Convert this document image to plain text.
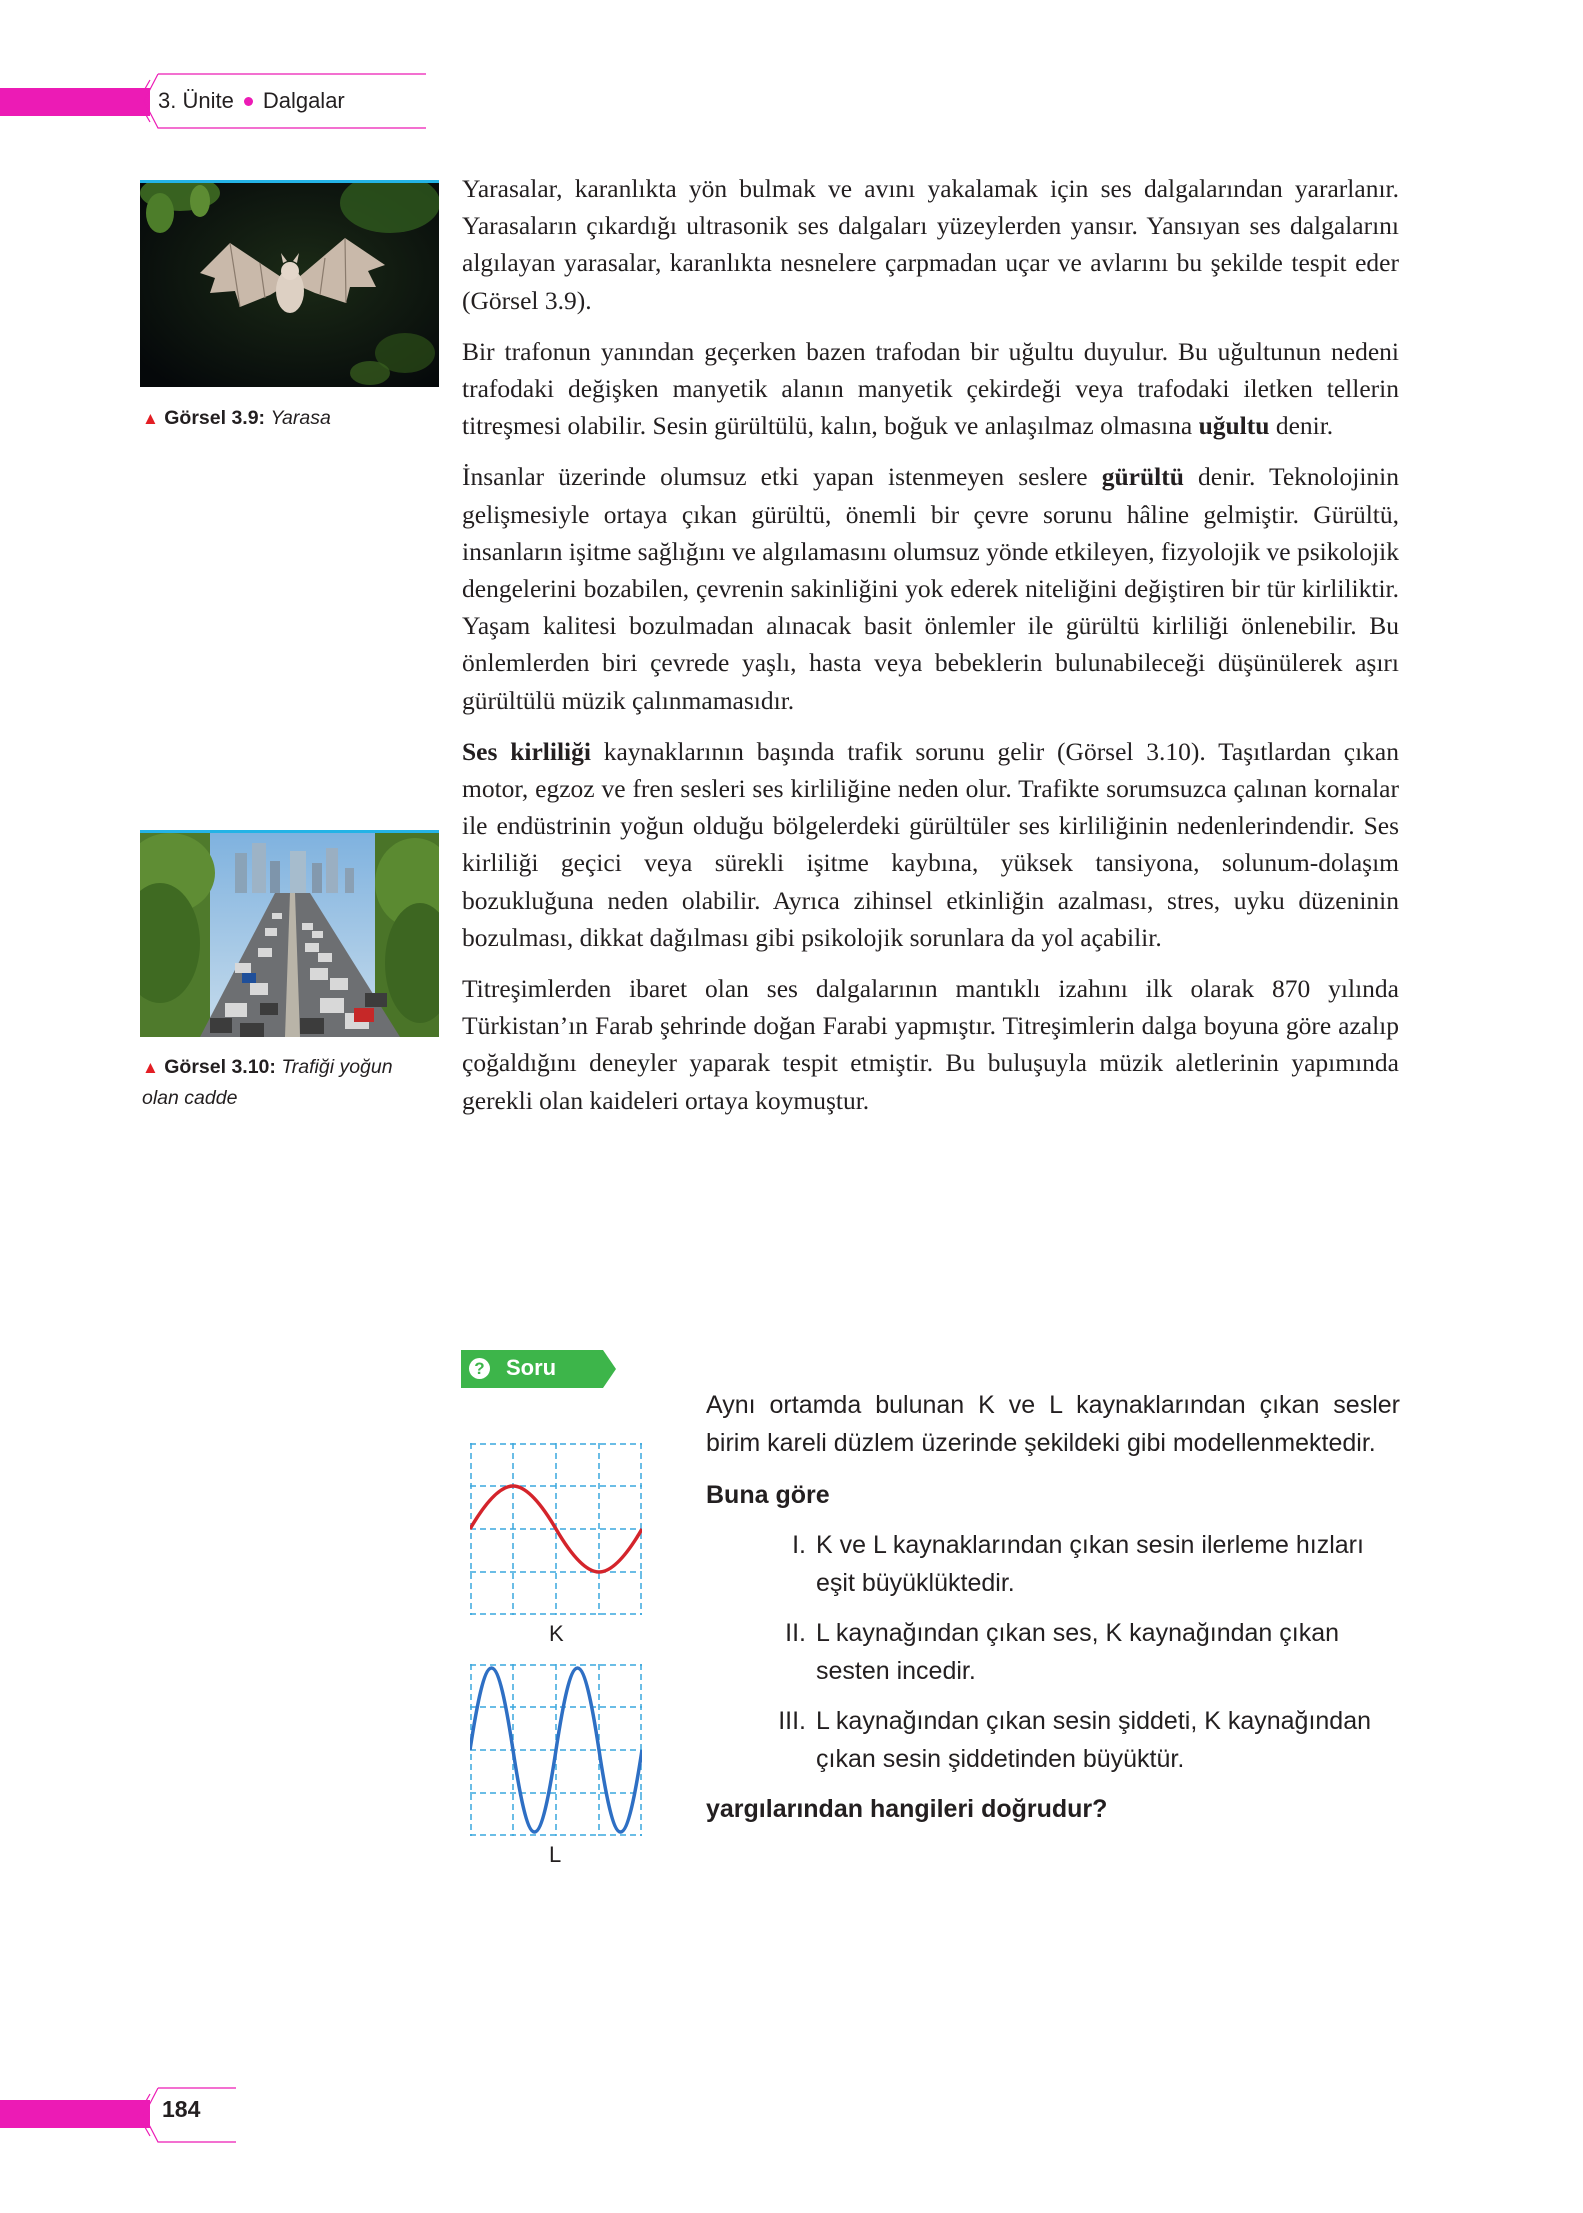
3. Ünite Dalgalar
▲ Görsel 3.9: Yarasa
▲ Görsel 3.10: Trafiği yoğun
olan cadde

Yarasalar, karanlıkta yön bulmak ve avını yakalamak için ses dalgalarından yararlanır. Yarasaların çıkardığı ultrasonik ses dalgaları yüzeylerden yansır. Yansıyan ses dalgalarını algılayan yarasalar, karanlıkta nesnelere çarpmadan uçar ve avlarını bu şekilde tespit eder (Görsel 3.9).

Bir trafonun yanından geçerken bazen trafodan bir uğultu duyulur. Bu uğultunun nedeni trafodaki değişken manyetik alanın manyetik çekirdeği veya trafodaki iletken tellerin titreşmesi olabilir. Sesin gürültülü, kalın, boğuk ve anlaşılmaz olmasına uğultu denir.

İnsanlar üzerinde olumsuz etki yapan istenmeyen seslere gürültü denir. Teknolojinin gelişmesiyle ortaya çıkan gürültü, önemli bir çevre sorunu hâline gelmiştir. Gürültü, insanların işitme sağlığını ve algılamasını olumsuz yönde etkileyen, fizyolojik ve psikolojik dengelerini bozabilen, çevrenin sakinliğini yok ederek niteliğini değiştiren bir tür kirliliktir. Yaşam kalitesi bozulmadan alınacak basit önlemler ile gürültü kirliliği önlenebilir. Bu önlemlerden biri çevrede yaşlı, hasta veya bebeklerin bulunabileceği düşünülerek aşırı gürültülü müzik çalınmamasıdır.

Ses kirliliği kaynaklarının başında trafik sorunu gelir (Görsel 3.10). Taşıtlardan çıkan motor, egzoz ve fren sesleri ses kirliliğine neden olur. Trafikte sorumsuzca çalınan kornalar ile endüstrinin yoğun olduğu bölgelerdeki gürültüler ses kirliliğinin nedenlerindendir. Ses kirliliği geçici veya sürekli işitme kaybına, yüksek tansiyona, solunum-dolaşım bozukluğuna neden olabilir. Ayrıca zihinsel etkinliğin azalması, stres, uyku düzeninin bozulması, dikkat dağılması gibi psikolojik sorunlara da yol açabilir.

Titreşimlerden ibaret olan ses dalgalarının mantıklı izahını ilk olarak 870 yılında Türkistan’ın Farab şehrinde doğan Farabi yapmıştır. Titreşimlerin dalga boyuna göre azalıp çoğaldığını deneyler yaparak tespit etmiştir. Bu buluşuyla müzik aletlerinin yapımında gerekli olan kaideleri ortaya koymuştur.

? Soru
K
L

Aynı ortamda bulunan K ve L kaynaklarından çıkan sesler birim kareli düzlem üzerinde şekildeki gibi modellenmektedir.

Buna göre

I. K ve L kaynaklarından çıkan sesin ilerleme hızları eşit büyüklüktedir.
II. L kaynağından çıkan ses, K kaynağından çıkan sesten incedir.
III. L kaynağından çıkan sesin şiddeti, K kaynağından çıkan sesin şiddetinden büyüktür.

yargılarından hangileri doğrudur?

184
